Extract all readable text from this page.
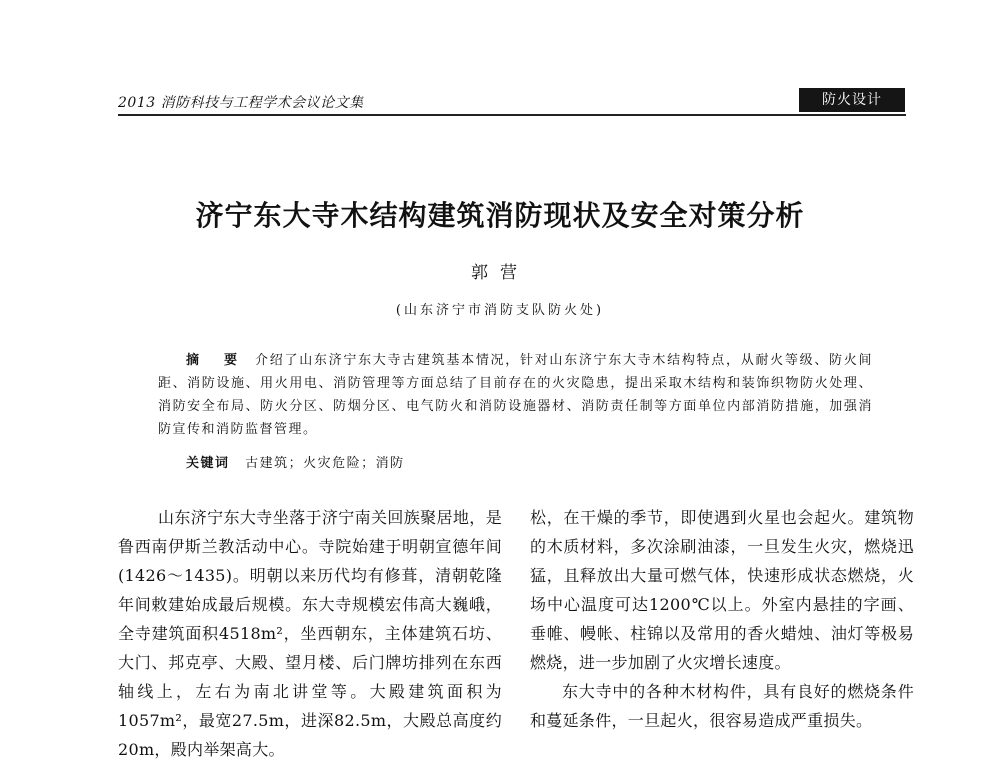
2013 消防科技与工程学术会议论文集	防火设计
济宁东大寺木结构建筑消防现状及安全对策分析
郭营
(山东济宁市消防支队防火处)
摘 要 介绍了山东济宁东大寺古建筑基本情况，针对山东济宁东大寺木结构特点，从耐火等级、防火间距、消防设施、用火用电、消防管理等方面总结了目前存在的火灾隐患，提出采取木结构和装饰织物防火处理、消防安全布局、防火分区、防烟分区、电气防火和消防设施器材、消防责任制等方面单位内部消防措施，加强消防宣传和消防监督管理。
关键词 古建筑；火灾危险；消防
山东济宁东大寺坐落于济宁南关回族聚居地，是鲁西南伊斯兰教活动中心。寺院始建于明朝宣德年间(1426～1435)。明朝以来历代均有修葺，清朝乾隆年间敕建始成最后规模。东大寺规模宏伟高大巍峨，全寺建筑面积4518m²，坐西朝东，主体建筑石坊、大门、邦克亭、大殿、望月楼、后门牌坊排列在东西轴线上，左右为南北讲堂等。大殿建筑面积为1057m²，最宽27.5m，进深82.5m，大殿总高度约20m，殿内举架高大。
松，在干燥的季节，即使遇到火星也会起火。建筑物的木质材料，多次涂刷油漆，一旦发生火灾，燃烧迅猛，且释放出大量可燃气体，快速形成状态燃烧，火场中心温度可达1200℃以上。外室内悬挂的字画、垂帷、幔帐、柱锦以及常用的香火蜡烛、油灯等极易燃烧，进一步加剧了火灾增长速度。
东大寺中的各种木材构件，具有良好的燃烧条件和蔓延条件，一旦起火，很容易造成严重损失。
